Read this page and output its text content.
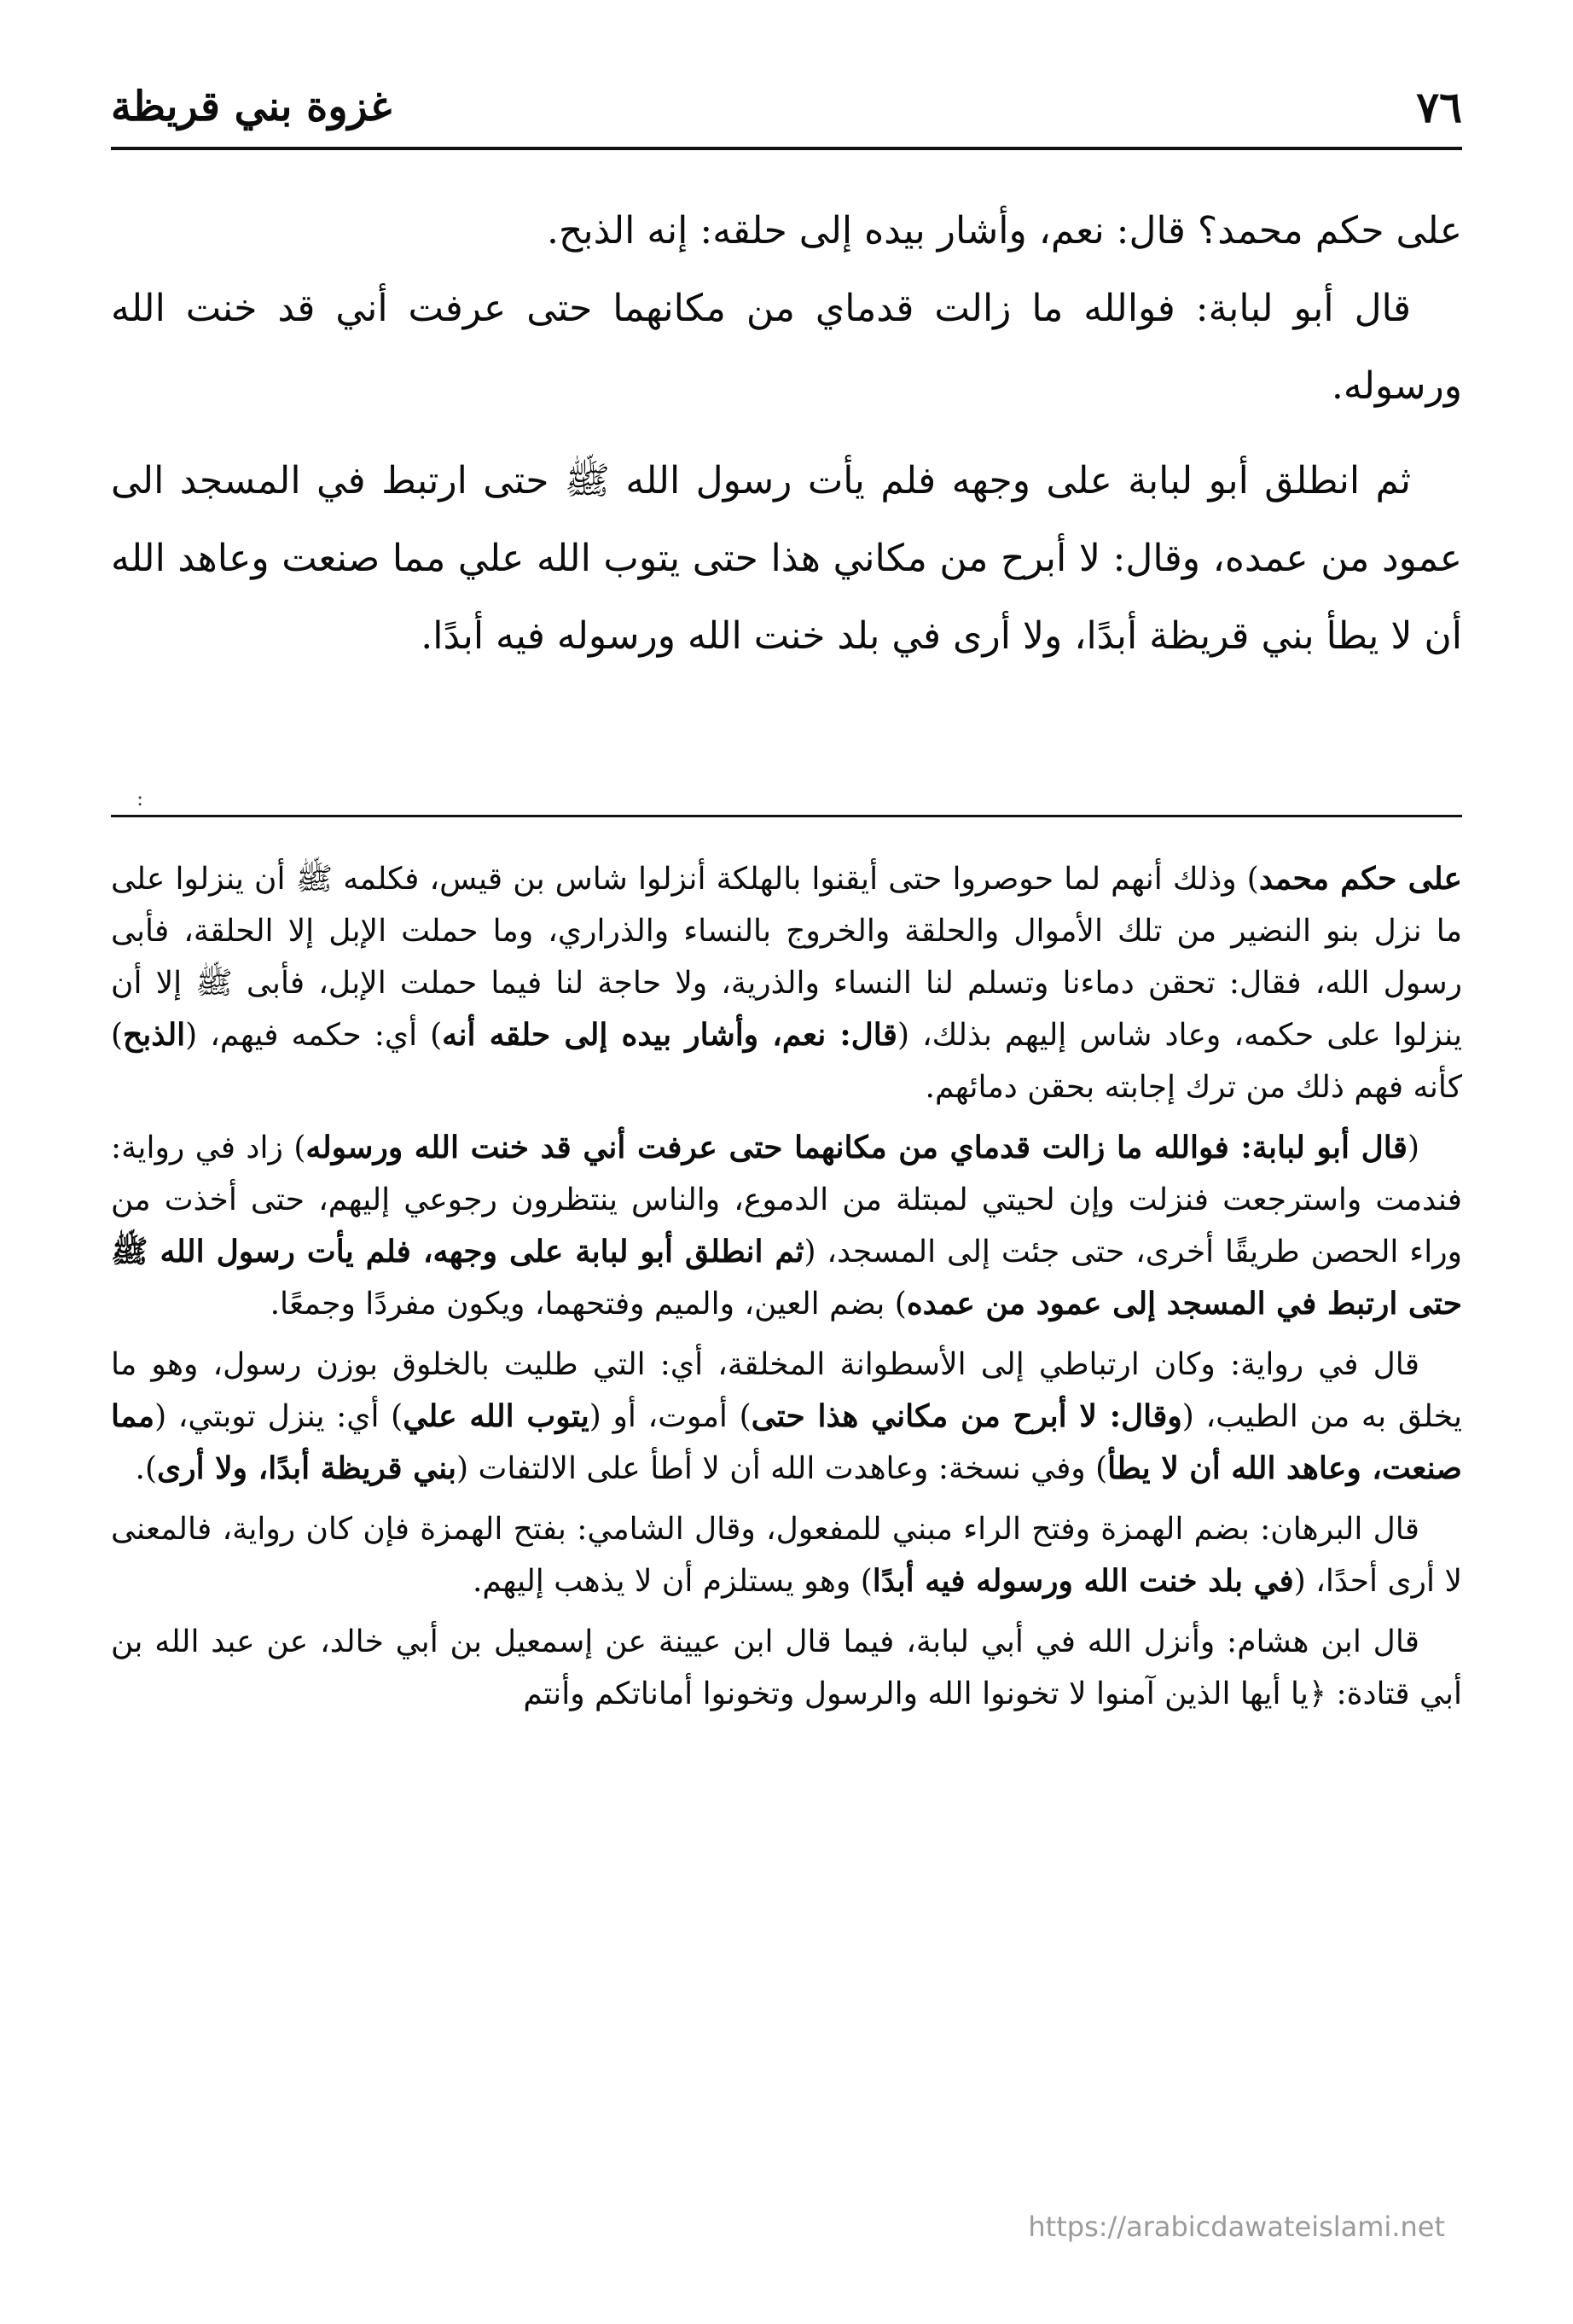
٧٦
غزوة بني قريظة

على حكم محمد؟ قال: نعم، وأشار بيده إلى حلقه: إنه الذبح.

قال أبو لبابة: فوالله ما زالت قدماي من مكانهما حتى عرفت أني قد خنت الله ورسوله.

ثم انطلق أبو لبابة على وجهه فلم يأت رسول الله ﷺ حتى ارتبط في المسجد الى عمود من عمده، وقال: لا أبرح من مكاني هذا حتى يتوب الله علي مما صنعت وعاهد الله أن لا يطأ بني قريظة أبدًا، ولا أرى في بلد خنت الله ورسوله فيه أبدًا.

:

على حكم محمد) وذلك أنهم لما حوصروا حتى أيقنوا بالهلكة أنزلوا شاس بن قيس، فكلمه ﷺ أن ينزلوا على ما نزل بنو النضير من تلك الأموال والحلقة والخروج بالنساء والذراري، وما حملت الإبل إلا الحلقة، فأبى رسول الله، فقال: تحقن دماءنا وتسلم لنا النساء والذرية، ولا حاجة لنا فيما حملت الإبل، فأبى ﷺ إلا أن ينزلوا على حكمه، وعاد شاس إليهم بذلك، (قال: نعم، وأشار بيده إلى حلقه أنه) أي: حكمه فيهم، (الذبح) كأنه فهم ذلك من ترك إجابته بحقن دمائهم.

(قال أبو لبابة: فوالله ما زالت قدماي من مكانهما حتى عرفت أني قد خنت الله ورسوله) زاد في رواية: فندمت واسترجعت فنزلت وإن لحيتي لمبتلة من الدموع، والناس ينتظرون رجوعي إليهم، حتى أخذت من وراء الحصن طريقًا أخرى، حتى جئت إلى المسجد، (ثم انطلق أبو لبابة على وجهه، فلم يأت رسول الله ﷺ حتى ارتبط في المسجد إلى عمود من عمده) بضم العين، والميم وفتحهما، ويكون مفردًا وجمعًا.

قال في رواية: وكان ارتباطي إلى الأسطوانة المخلقة، أي: التي طليت بالخلوق بوزن رسول، وهو ما يخلق به من الطيب، (وقال: لا أبرح من مكاني هذا حتى) أموت، أو (يتوب الله علي) أي: ينزل توبتي، (مما صنعت، وعاهد الله أن لا يطأ) وفي نسخة: وعاهدت الله أن لا أطأ على الالتفات (بني قريظة أبدًا، ولا أرى).

قال البرهان: بضم الهمزة وفتح الراء مبني للمفعول، وقال الشامي: بفتح الهمزة فإن كان رواية، فالمعنى لا أرى أحدًا، (في بلد خنت الله ورسوله فيه أبدًا) وهو يستلزم أن لا يذهب إليهم.

قال ابن هشام: وأنزل الله في أبي لبابة، فيما قال ابن عيينة عن إسمعيل بن أبي خالد، عن عبد الله بن أبي قتادة: ﴿يا أيها الذين آمنوا لا تخونوا الله والرسول وتخونوا أماناتكم وأنتم

https://arabicdawateislami.net
